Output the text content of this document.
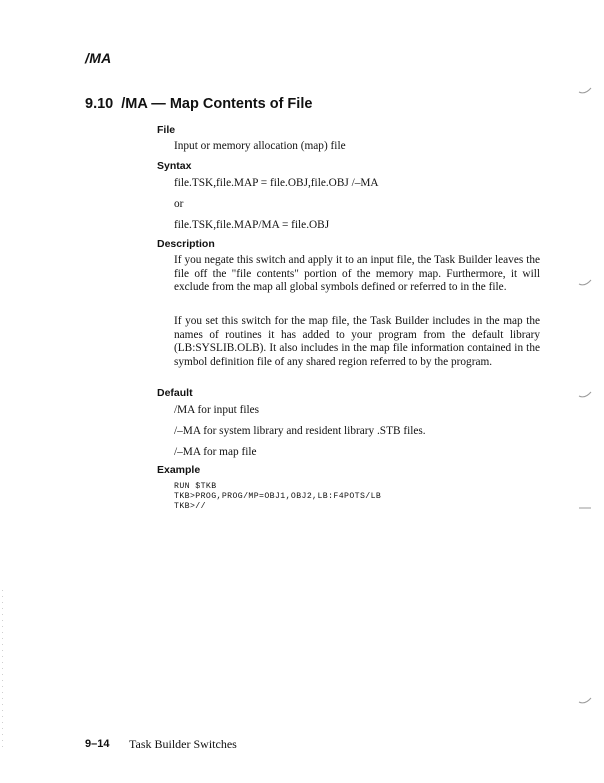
/MA
9.10 /MA — Map Contents of File
File
Input or memory allocation (map) file
Syntax
file.TSK,file.MAP = file.OBJ,file.OBJ /–MA
or
file.TSK,file.MAP/MA = file.OBJ
Description
If you negate this switch and apply it to an input file, the Task Builder leaves the file off the "file contents" portion of the memory map. Furthermore, it will exclude from the map all global symbols defined or referred to in the file.
If you set this switch for the map file, the Task Builder includes in the map the names of routines it has added to your program from the default library (LB:SYSLIB.OLB). It also includes in the map file information contained in the symbol definition file of any shared region referred to by the program.
Default
/MA for input files
/–MA for system library and resident library .STB files.
/–MA for map file
Example
RUN $TKB
TKB>PROG,PROG/MP=OBJ1,OBJ2,LB:F4POTS/LB
TKB>//
9–14 Task Builder Switches
